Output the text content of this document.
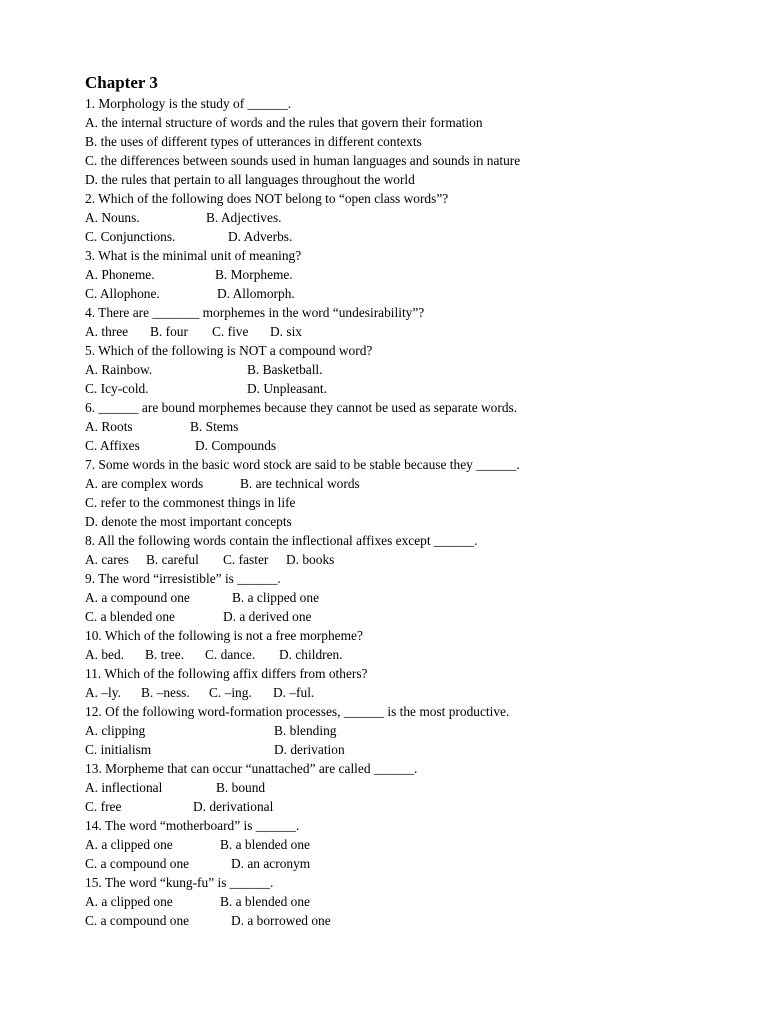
Chapter 3
1. Morphology is the study of ______.
A. the internal structure of words and the rules that govern their formation
B. the uses of different types of utterances in different contexts
C. the differences between sounds used in human languages and sounds in nature
D. the rules that pertain to all languages throughout the world
2. Which of the following does NOT belong to “open class words”?

A. Nouns.

	B. Adjectives.

C. Conjunctions.

	D. Adverbs.

3. What is the minimal unit of meaning?

A. Phoneme.

	B. Morpheme.

C. Allophone.

	D. Allomorph.

4. There are _______ morphemes in the word “undesirability”?

A. three

B. four

C. five

D. six

5. Which of the following is NOT a compound word?

A. Rainbow.

	B. Basketball.

C. Icy-cold.

	D. Unpleasant.

6. ______ are bound morphemes because they cannot be used as separate words.

A. Roots

	B. Stems

C. Affixes

	D. Compounds

7. Some words in the basic word stock are said to be stable because they ______.

A. are complex words

	B. are technical words

C. refer to the commonest things in life
D. denote the most important concepts
8. All the following words contain the inflectional affixes except ______.

A. cares

B. careful

C. faster

D. books

9. The word “irresistible” is ______.

A. a compound one

	B. a clipped one

C. a blended one

	D. a derived one

10. Which of the following is not a free morpheme?

A. bed.

B. tree.

C. dance.

D. children.

11. Which of the following affix differs from others?

A. –ly.

B. –ness.

C. –ing.

D. –ful.

12. Of the following word-formation processes, ______ is the most productive.

A. clipping

	B. blending

C. initialism

	D. derivation

13. Morpheme that can occur “unattached” are called ______.

A. inflectional

	B. bound

C. free

	D. derivational

14. The word “motherboard” is ______.

A. a clipped one

	B. a blended one

C. a compound one

	D. an acronym

15. The word “kung-fu” is ______.

A. a clipped one

	B. a blended one

C. a compound one

	D. a borrowed one
